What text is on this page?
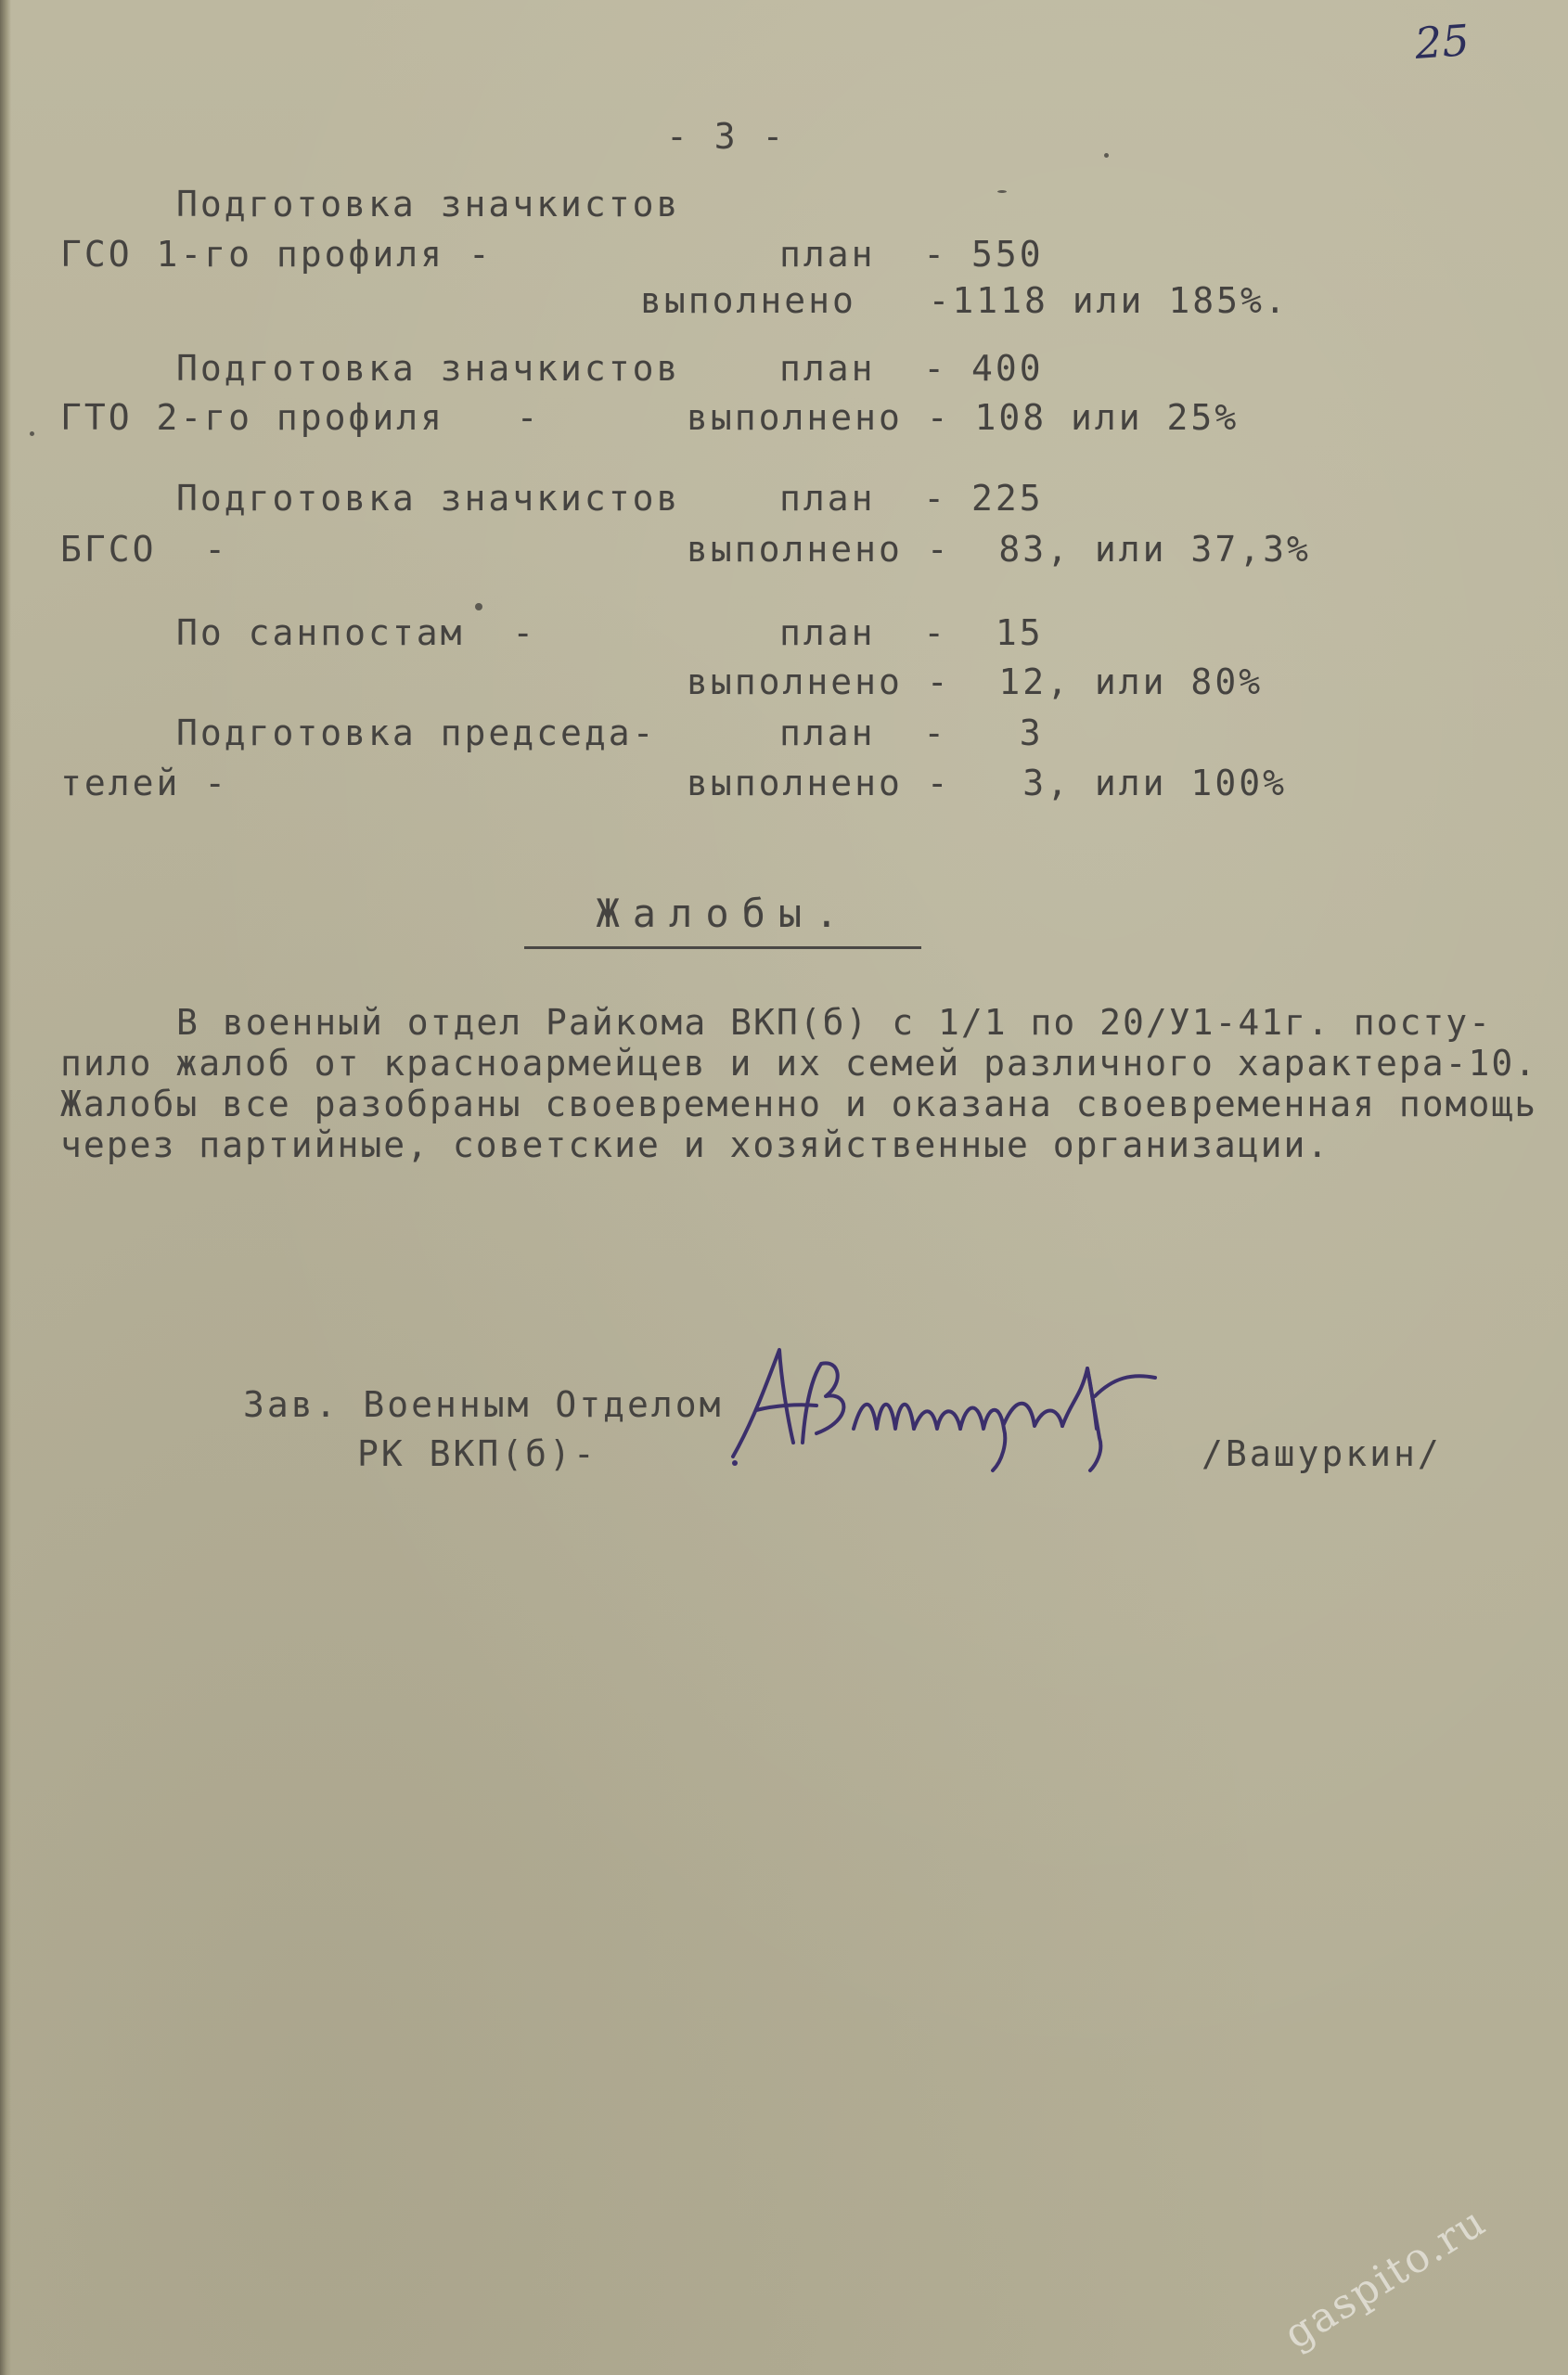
25
- 3 -
Подготовка значкистов
ГСО 1-го профиля -	план  - 550
выполнено   -1118 или 185%.
Подготовка значкистов	план  - 400
ГТО 2-го профиля   -	выполнено - 108 или 25%
Подготовка значкистов	план  - 225
БГСО  -	выполнено -  83, или 37,3%
По санпостам  -	план  -  15
выполнено -  12, или 80%
Подготовка председа-	план  -   3
телей -	выполнено -   3, или 100%
Жалобы.
В военный отдел Райкома ВКП(б) с 1/1 по 20/У1-41г. посту-
пило жалоб от красноармейцев и их семей различного характера-10.
Жалобы все разобраны своевременно и оказана своевременная помощь
через партийные, советские и хозяйственные организации.
Зав. Военным Отделом
РК ВКП(б)-	/Вашуркин/
gaspito.ru
